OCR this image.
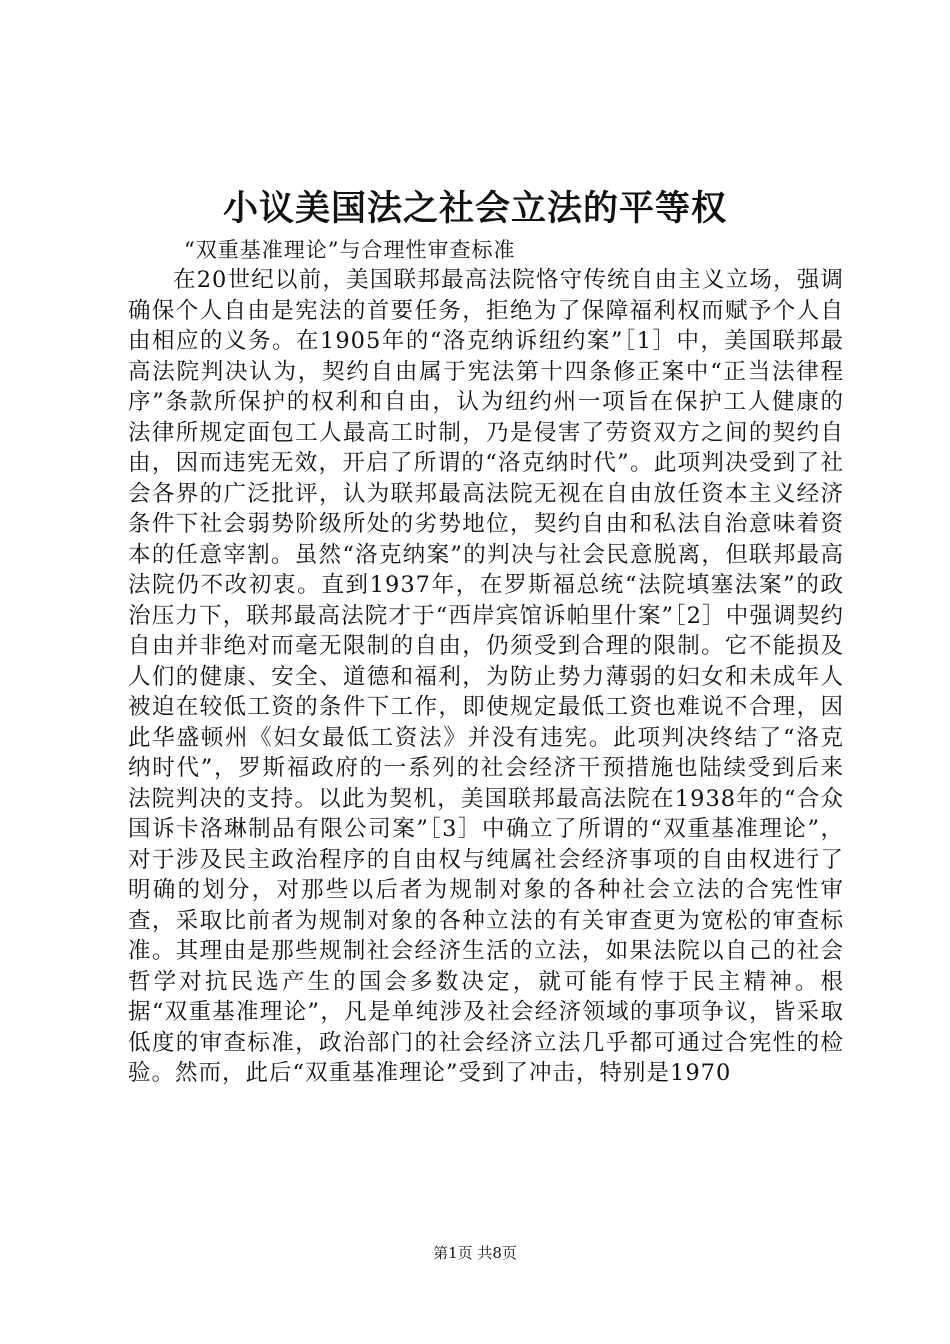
小议美国法之社会立法的平等权

“双重基准理论”与合理性审查标准

在20世纪以前，美国联邦最高法院恪守传统自由主义立场，强调确保个人自由是宪法的首要任务，拒绝为了保障福利权而赋予个人自由相应的义务。在1905年的“洛克纳诉纽约案”［1］中，美国联邦最高法院判决认为，契约自由属于宪法第十四条修正案中“正当法律程序”条款所保护的权利和自由，认为纽约州一项旨在保护工人健康的法律所规定面包工人最高工时制，乃是侵害了劳资双方之间的契约自由，因而违宪无效，开启了所谓的“洛克纳时代”。此项判决受到了社会各界的广泛批评，认为联邦最高法院无视在自由放任资本主义经济条件下社会弱势阶级所处的劣势地位，契约自由和私法自治意味着资本的任意宰割。虽然“洛克纳案”的判决与社会民意脱离，但联邦最高法院仍不改初衷。直到1937年，在罗斯福总统“法院填塞法案”的政治压力下，联邦最高法院才于“西岸宾馆诉帕里什案”［2］中强调契约自由并非绝对而毫无限制的自由，仍须受到合理的限制。它不能损及人们的健康、安全、道德和福利，为防止势力薄弱的妇女和未成年人被迫在较低工资的条件下工作，即使规定最低工资也难说不合理，因此华盛顿州《妇女最低工资法》并没有违宪。此项判决终结了“洛克纳时代”，罗斯福政府的一系列的社会经济干预措施也陆续受到后来法院判决的支持。以此为契机，美国联邦最高法院在1938年的“合众国诉卡洛琳制品有限公司案”［3］中确立了所谓的“双重基准理论”，对于涉及民主政治程序的自由权与纯属社会经济事项的自由权进行了明确的划分，对那些以后者为规制对象的各种社会立法的合宪性审查，采取比前者为规制对象的各种立法的有关审查更为宽松的审查标准。其理由是那些规制社会经济生活的立法，如果法院以自己的社会哲学对抗民选产生的国会多数决定，就可能有悖于民主精神。根据“双重基准理论”，凡是单纯涉及社会经济领域的事项争议，皆采取低度的审查标准，政治部门的社会经济立法几乎都可通过合宪性的检验。然而，此后“双重基准理论”受到了冲击，特别是1970

第1页 共8页
